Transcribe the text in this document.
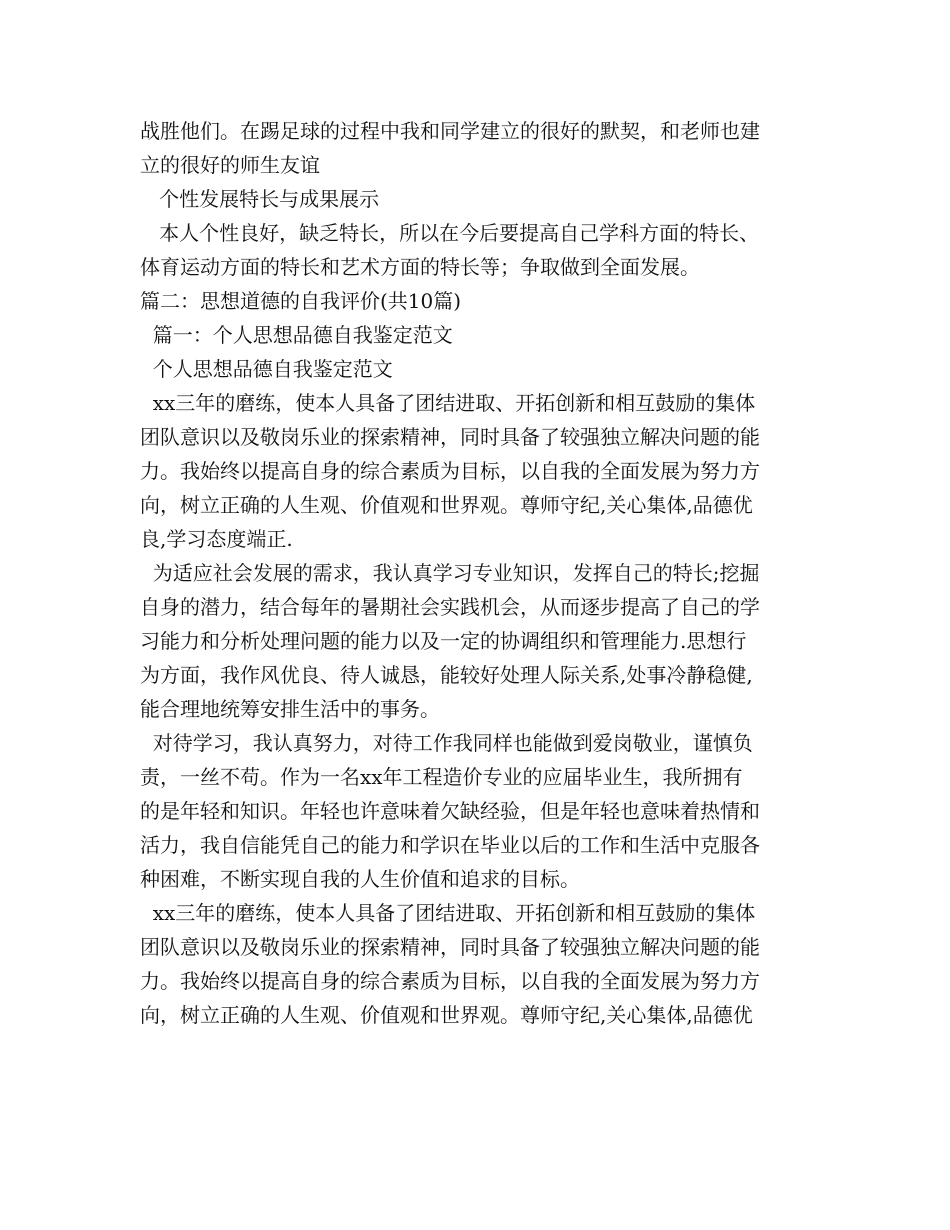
战胜他们。在踢足球的过程中我和同学建立的很好的默契，和老师也建
立的很好的师生友谊
个性发展特长与成果展示
本人个性良好，缺乏特长，所以在今后要提高自己学科方面的特长、
体育运动方面的特长和艺术方面的特长等；争取做到全面发展。
篇二：思想道德的自我评价(共10篇)
篇一：个人思想品德自我鉴定范文
个人思想品德自我鉴定范文
xx三年的磨练，使本人具备了团结进取、开拓创新和相互鼓励的集体
团队意识以及敬岗乐业的探索精神，同时具备了较强独立解决问题的能
力。我始终以提高自身的综合素质为目标，以自我的全面发展为努力方
向，树立正确的人生观、价值观和世界观。尊师守纪,关心集体,品德优
良,学习态度端正.
为适应社会发展的需求，我认真学习专业知识，发挥自己的特长;挖掘
自身的潜力，结合每年的暑期社会实践机会，从而逐步提高了自己的学
习能力和分析处理问题的能力以及一定的协调组织和管理能力.思想行
为方面，我作风优良、待人诚恳，能较好处理人际关系,处事冷静稳健,
能合理地统筹安排生活中的事务。
对待学习，我认真努力，对待工作我同样也能做到爱岗敬业，谨慎负
责，一丝不苟。作为一名xx年工程造价专业的应届毕业生，我所拥有
的是年轻和知识。年轻也许意味着欠缺经验，但是年轻也意味着热情和
活力，我自信能凭自己的能力和学识在毕业以后的工作和生活中克服各
种困难，不断实现自我的人生价值和追求的目标。
xx三年的磨练，使本人具备了团结进取、开拓创新和相互鼓励的集体
团队意识以及敬岗乐业的探索精神，同时具备了较强独立解决问题的能
力。我始终以提高自身的综合素质为目标，以自我的全面发展为努力方
向，树立正确的人生观、价值观和世界观。尊师守纪,关心集体,品德优
